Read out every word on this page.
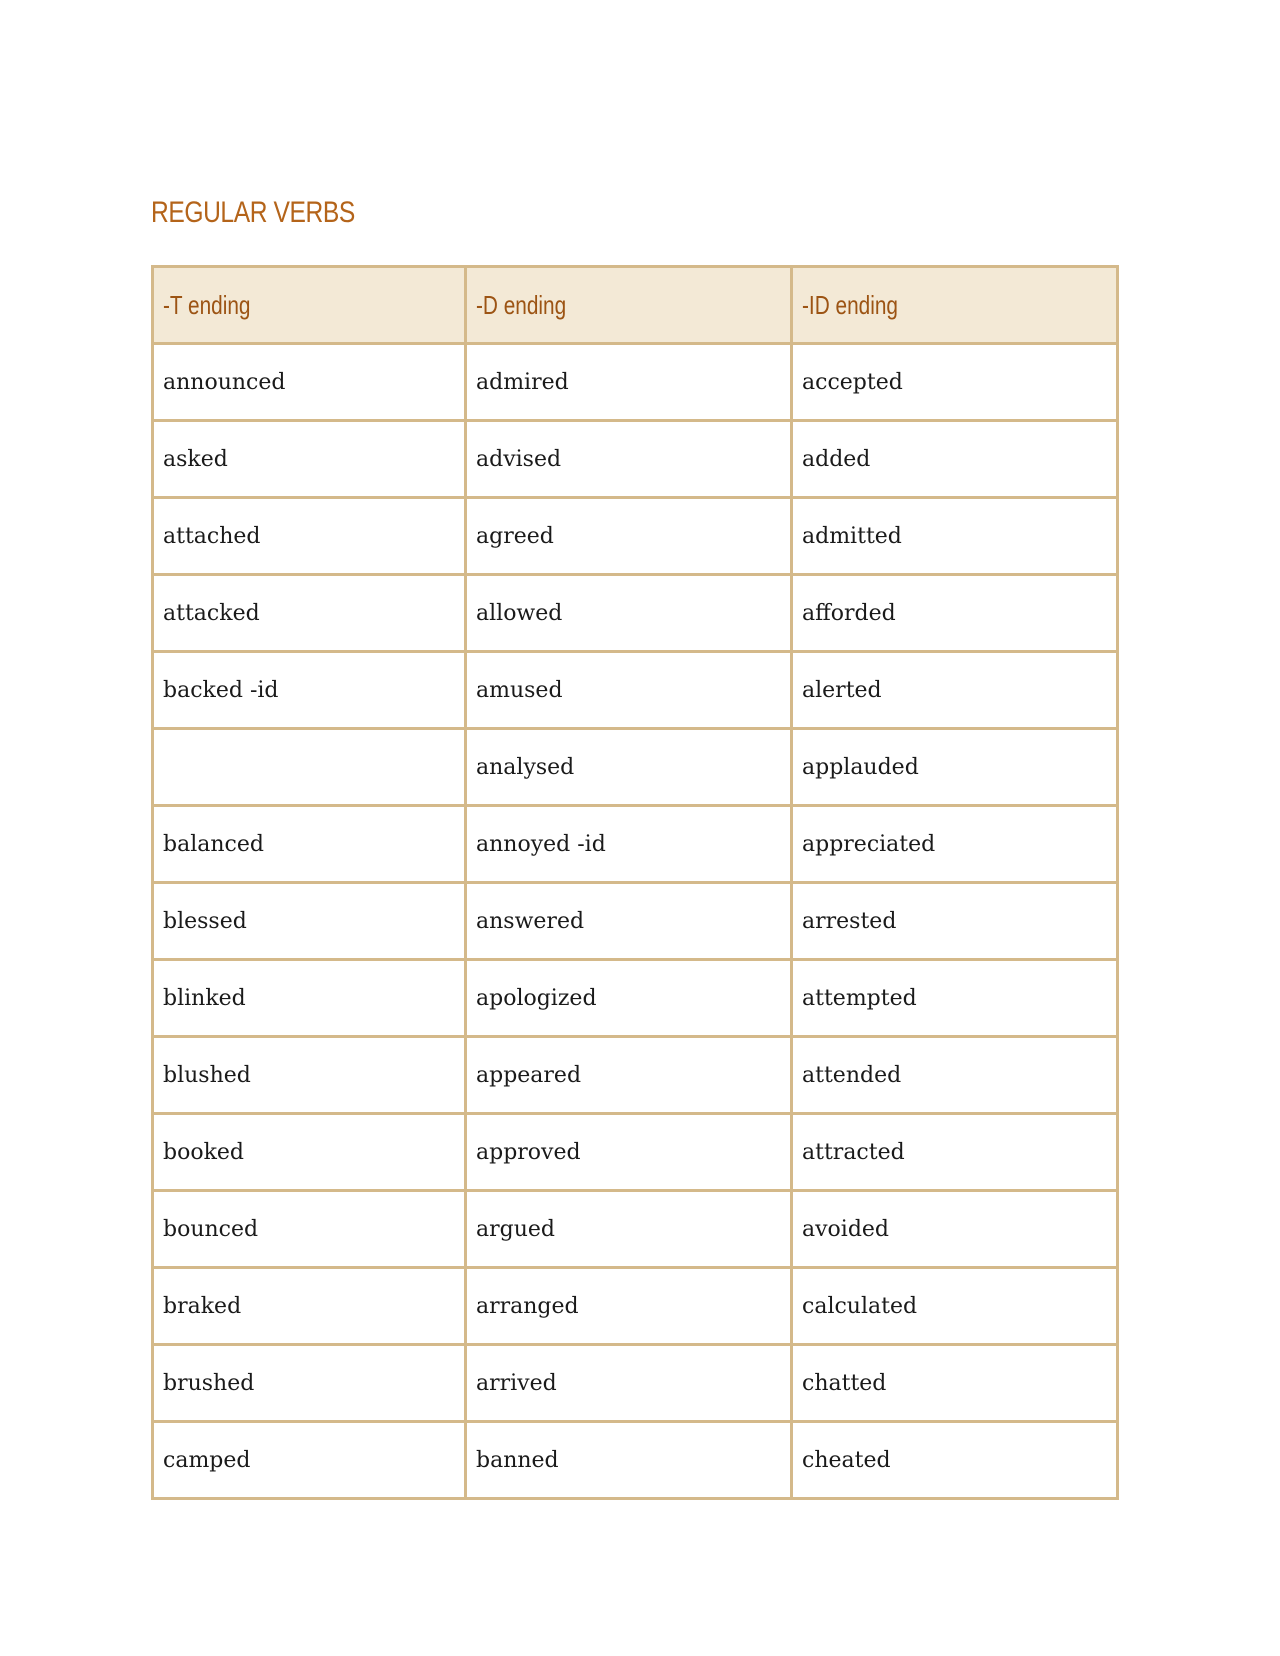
REGULAR VERBS
-T ending	-D ending	-ID ending
announced	admired	accepted
asked	advised	added
attached	agreed	admitted
attacked	allowed	afforded
backed -id	amused	alerted
	analysed	applauded
balanced	annoyed -id	appreciated
blessed	answered	arrested
blinked	apologized	attempted
blushed	appeared	attended
booked	approved	attracted
bounced	argued	avoided
braked	arranged	calculated
brushed	arrived	chatted
camped	banned	cheated
